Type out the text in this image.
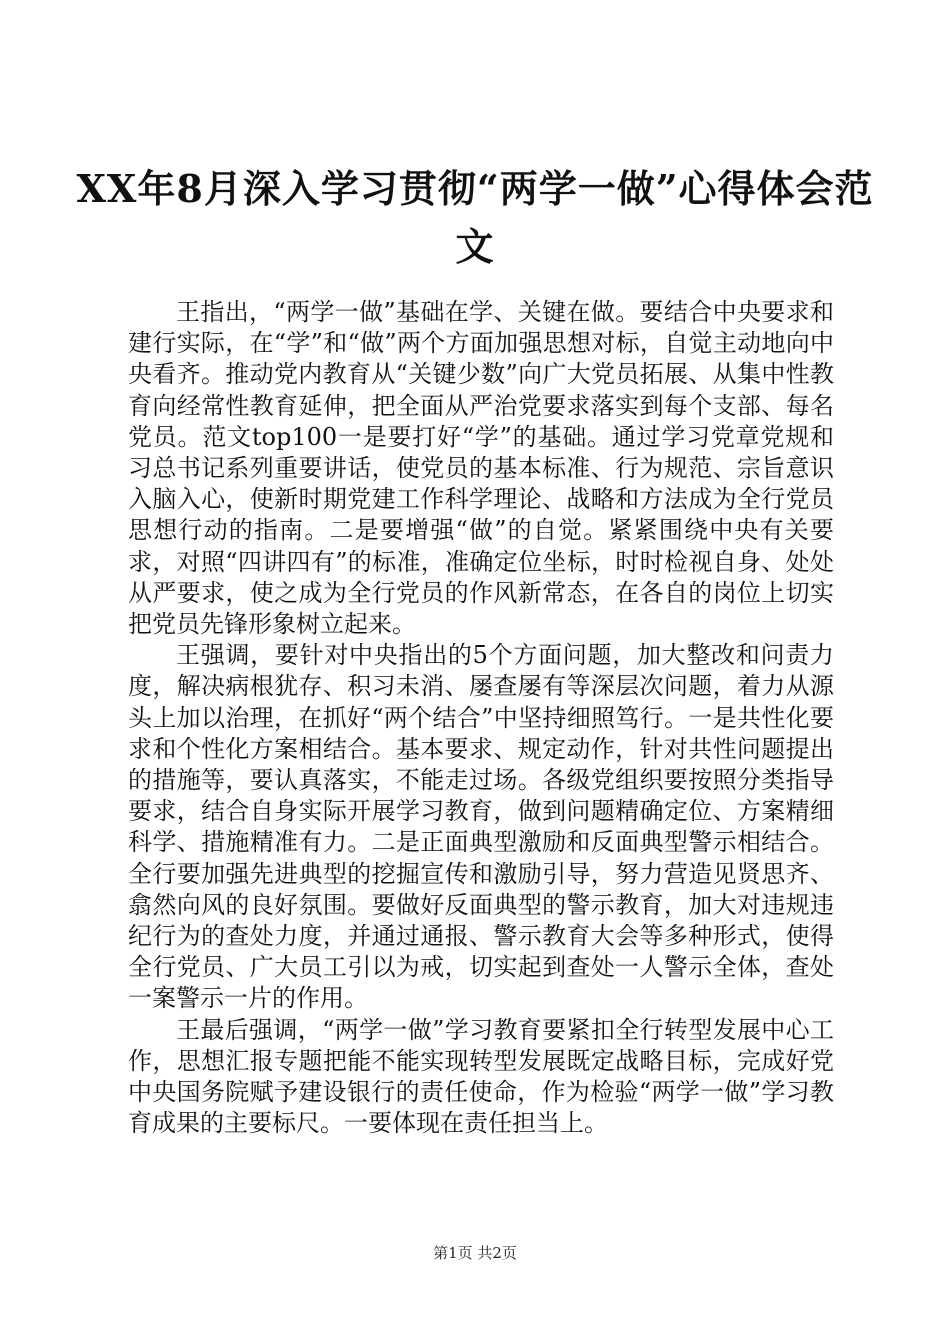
XX年8月深入学习贯彻“两学一做”心得体会范文

王指出，“两学一做”基础在学、关键在做。要结合中央要求和建行实际，在“学”和“做”两个方面加强思想对标，自觉主动地向中央看齐。推动党内教育从“关键少数”向广大党员拓展、从集中性教育向经常性教育延伸，把全面从严治党要求落实到每个支部、每名党员。范文top100一是要打好“学”的基础。通过学习党章党规和习总书记系列重要讲话，使党员的基本标准、行为规范、宗旨意识入脑入心，使新时期党建工作科学理论、战略和方法成为全行党员思想行动的指南。二是要增强“做”的自觉。紧紧围绕中央有关要求，对照“四讲四有”的标准，准确定位坐标，时时检视自身、处处从严要求，使之成为全行党员的作风新常态，在各自的岗位上切实把党员先锋形象树立起来。

王强调，要针对中央指出的5个方面问题，加大整改和问责力度，解决病根犹存、积习未消、屡查屡有等深层次问题，着力从源头上加以治理，在抓好“两个结合”中坚持细照笃行。一是共性化要求和个性化方案相结合。基本要求、规定动作，针对共性问题提出的措施等，要认真落实，不能走过场。各级党组织要按照分类指导要求，结合自身实际开展学习教育，做到问题精确定位、方案精细科学、措施精准有力。二是正面典型激励和反面典型警示相结合。全行要加强先进典型的挖掘宣传和激励引导，努力营造见贤思齐、翕然向风的良好氛围。要做好反面典型的警示教育，加大对违规违纪行为的查处力度，并通过通报、警示教育大会等多种形式，使得全行党员、广大员工引以为戒，切实起到查处一人警示全体，查处一案警示一片的作用。

王最后强调，“两学一做”学习教育要紧扣全行转型发展中心工作，思想汇报专题把能不能实现转型发展既定战略目标，完成好党中央国务院赋予建设银行的责任使命，作为检验“两学一做”学习教育成果的主要标尺。一要体现在责任担当上。

第1页 共2页
